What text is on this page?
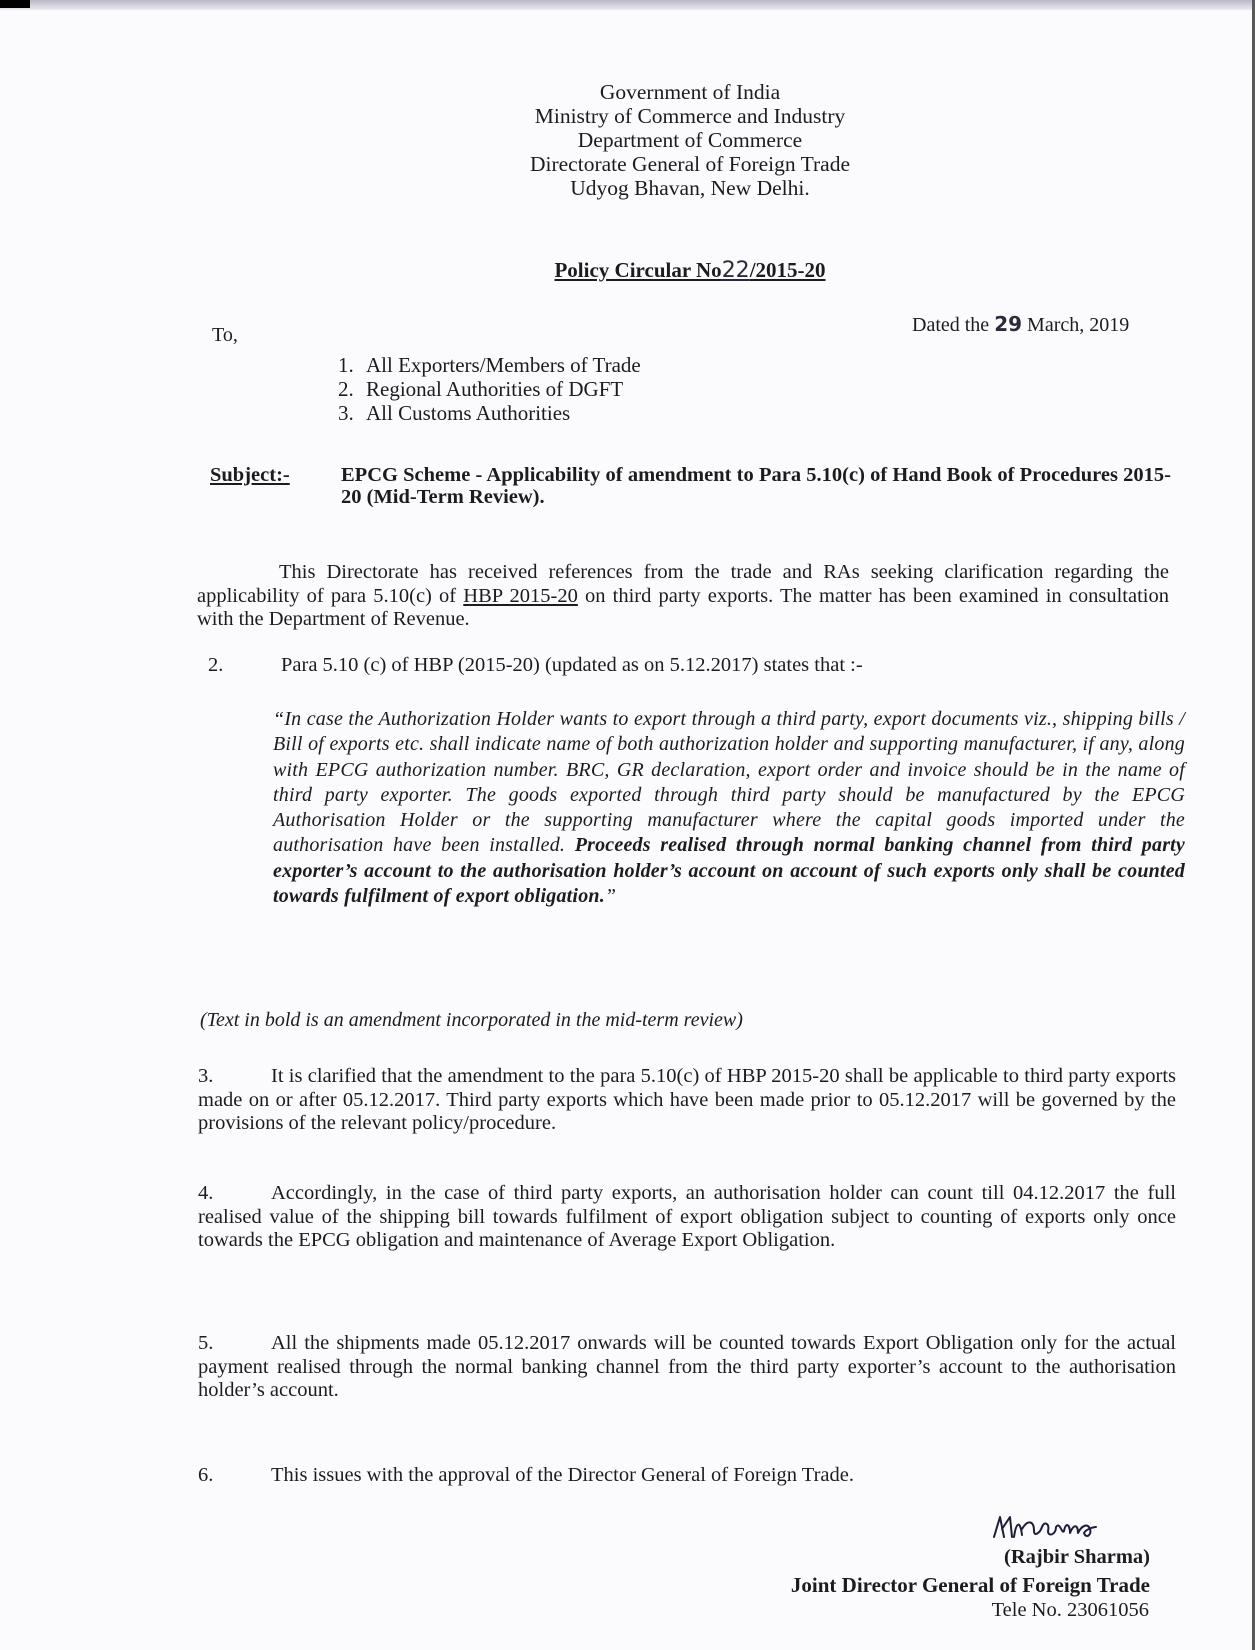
Government of India
Ministry of Commerce and Industry
Department of Commerce
Directorate General of Foreign Trade
Udyog Bhavan, New Delhi.
Policy Circular No22/2015-20
Dated the 29 March, 2019
To,
1. All Exporters/Members of Trade
2. Regional Authorities of DGFT
3. All Customs Authorities
Subject:-	EPCG Scheme - Applicability of amendment to Para 5.10(c) of Hand Book of Procedures 2015-20 (Mid-Term Review).
This Directorate has received references from the trade and RAs seeking clarification regarding the applicability of para 5.10(c) of HBP 2015-20 on third party exports. The matter has been examined in consultation with the Department of Revenue.
2.	Para 5.10 (c) of HBP (2015-20) (updated as on 5.12.2017) states that :-
“In case the Authorization Holder wants to export through a third party, export documents viz., shipping bills / Bill of exports etc. shall indicate name of both authorization holder and supporting manufacturer, if any, along with EPCG authorization number. BRC, GR declaration, export order and invoice should be in the name of third party exporter. The goods exported through third party should be manufactured by the EPCG Authorisation Holder or the supporting manufacturer where the capital goods imported under the authorisation have been installed. Proceeds realised through normal banking channel from third party exporter’s account to the authorisation holder’s account on account of such exports only shall be counted towards fulfilment of export obligation.”
(Text in bold is an amendment incorporated in the mid-term review)
3.	It is clarified that the amendment to the para 5.10(c) of HBP 2015-20 shall be applicable to third party exports made on or after 05.12.2017. Third party exports which have been made prior to 05.12.2017 will be governed by the provisions of the relevant policy/procedure.
4.	Accordingly, in the case of third party exports, an authorisation holder can count till 04.12.2017 the full realised value of the shipping bill towards fulfilment of export obligation subject to counting of exports only once towards the EPCG obligation and maintenance of Average Export Obligation.
5.	All the shipments made 05.12.2017 onwards will be counted towards Export Obligation only for the actual payment realised through the normal banking channel from the third party exporter’s account to the authorisation holder’s account.
6.	This issues with the approval of the Director General of Foreign Trade.
(Rajbir Sharma)
Joint Director General of Foreign Trade
Tele No. 23061056
